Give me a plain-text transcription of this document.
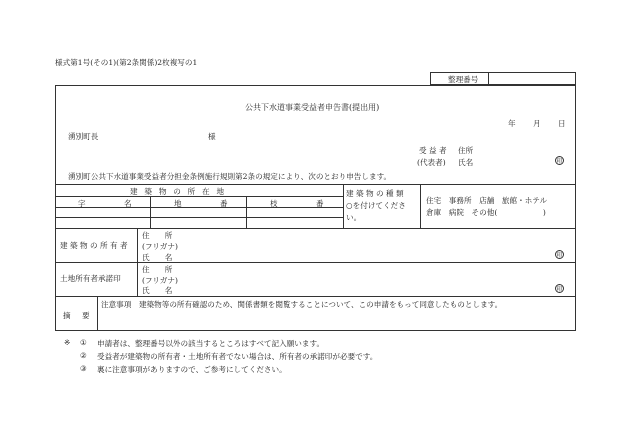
様式第1号(その1)(第2条関係)2枚複写の1
整理番号
公共下水道事業受益者申告書(提出用)
年 月 日
湧別町長	様
受 益 者 住所
(代表者) 氏名	印
湧別町公共下水道事業受益者分担金条例施行規則第2条の規定により、次のとおり申告します。
建 築 物 の 所 在 地
字	名	地	番	枝	番
建 築 物 の 種 類
○を付けてくださ
い。
住宅　事務所　店舗　旅館・ホテル
倉庫　病院　その他(　　　　　　)
建 築 物 の 所 有 者
住　　所
(フリガナ)
氏　　名	印
土地所有者承諾印
住　　所
(フリガナ)
氏　　名	印
摘 要
注意事項　建築物等の所有確認のため、関係書類を閲覧することについて、この申請をもって同意したものとします。
※ ① 申請者は、整理番号以外の該当するところはすべて記入願います。
② 受益者が建築物の所有者・土地所有者でない場合は、所有者の承諾印が必要です。
③ 裏に注意事項がありますので、ご参考にしてください。
